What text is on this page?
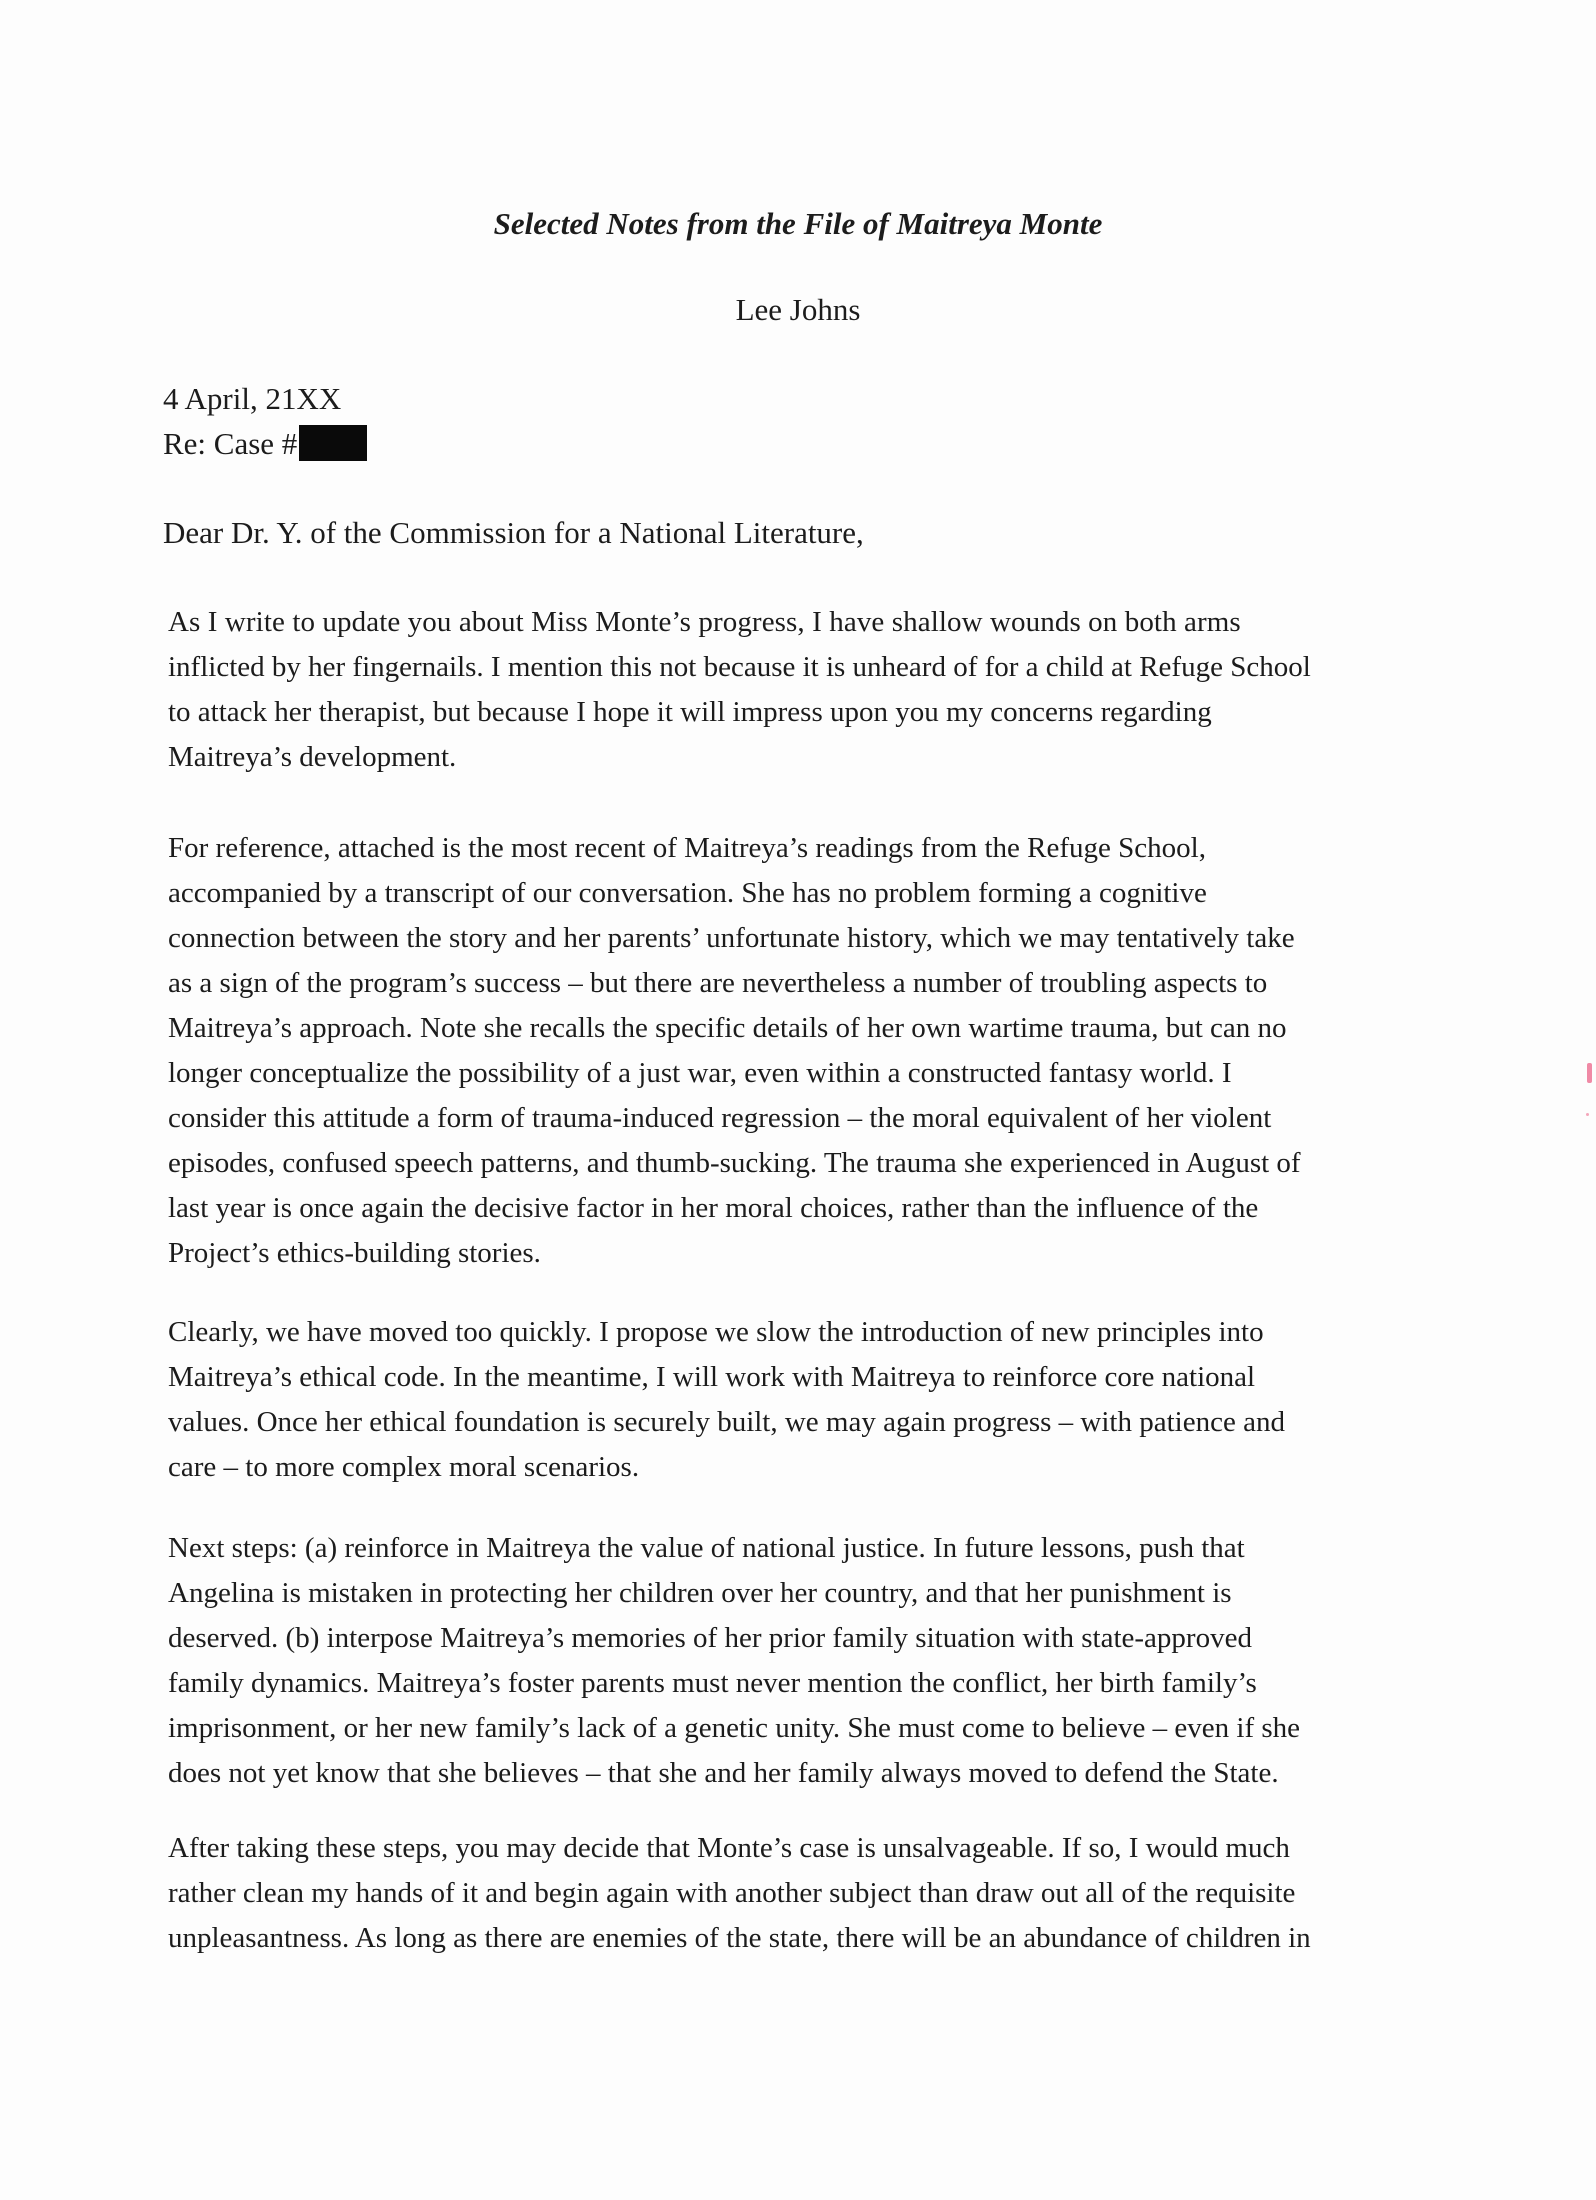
Selected Notes from the File of Maitreya Monte
Lee Johns
4 April, 21XX
Re: Case #
Dear Dr. Y. of the Commission for a National Literature,
As I write to update you about Miss Monte’s progress, I have shallow wounds on both arms
inflicted by her fingernails. I mention this not because it is unheard of for a child at Refuge School
to attack her therapist, but because I hope it will impress upon you my concerns regarding
Maitreya’s development.
For reference, attached is the most recent of Maitreya’s readings from the Refuge School,
accompanied by a transcript of our conversation. She has no problem forming a cognitive
connection between the story and her parents’ unfortunate history, which we may tentatively take
as a sign of the program’s success – but there are nevertheless a number of troubling aspects to
Maitreya’s approach. Note she recalls the specific details of her own wartime trauma, but can no
longer conceptualize the possibility of a just war, even within a constructed fantasy world. I
consider this attitude a form of trauma-induced regression – the moral equivalent of her violent
episodes, confused speech patterns, and thumb-sucking. The trauma she experienced in August of
last year is once again the decisive factor in her moral choices, rather than the influence of the
Project’s ethics-building stories.
Clearly, we have moved too quickly. I propose we slow the introduction of new principles into
Maitreya’s ethical code. In the meantime, I will work with Maitreya to reinforce core national
values. Once her ethical foundation is securely built, we may again progress – with patience and
care – to more complex moral scenarios.
Next steps: (a) reinforce in Maitreya the value of national justice. In future lessons, push that
Angelina is mistaken in protecting her children over her country, and that her punishment is
deserved. (b) interpose Maitreya’s memories of her prior family situation with state-approved
family dynamics. Maitreya’s foster parents must never mention the conflict, her birth family’s
imprisonment, or her new family’s lack of a genetic unity. She must come to believe – even if she
does not yet know that she believes – that she and her family always moved to defend the State.
After taking these steps, you may decide that Monte’s case is unsalvageable. If so, I would much
rather clean my hands of it and begin again with another subject than draw out all of the requisite
unpleasantness. As long as there are enemies of the state, there will be an abundance of children in
